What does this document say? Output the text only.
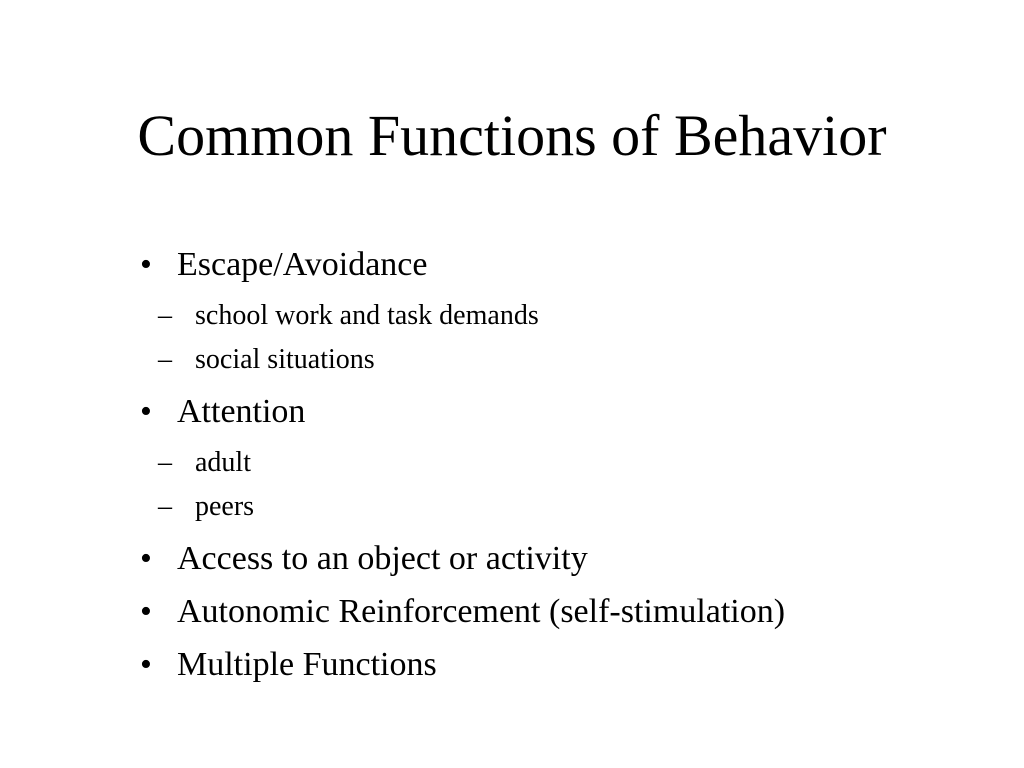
Common Functions of Behavior
• Escape/Avoidance
– school work and task demands
– social situations
• Attention
– adult
– peers
• Access to an object or activity
• Autonomic Reinforcement (self-stimulation)
• Multiple Functions
